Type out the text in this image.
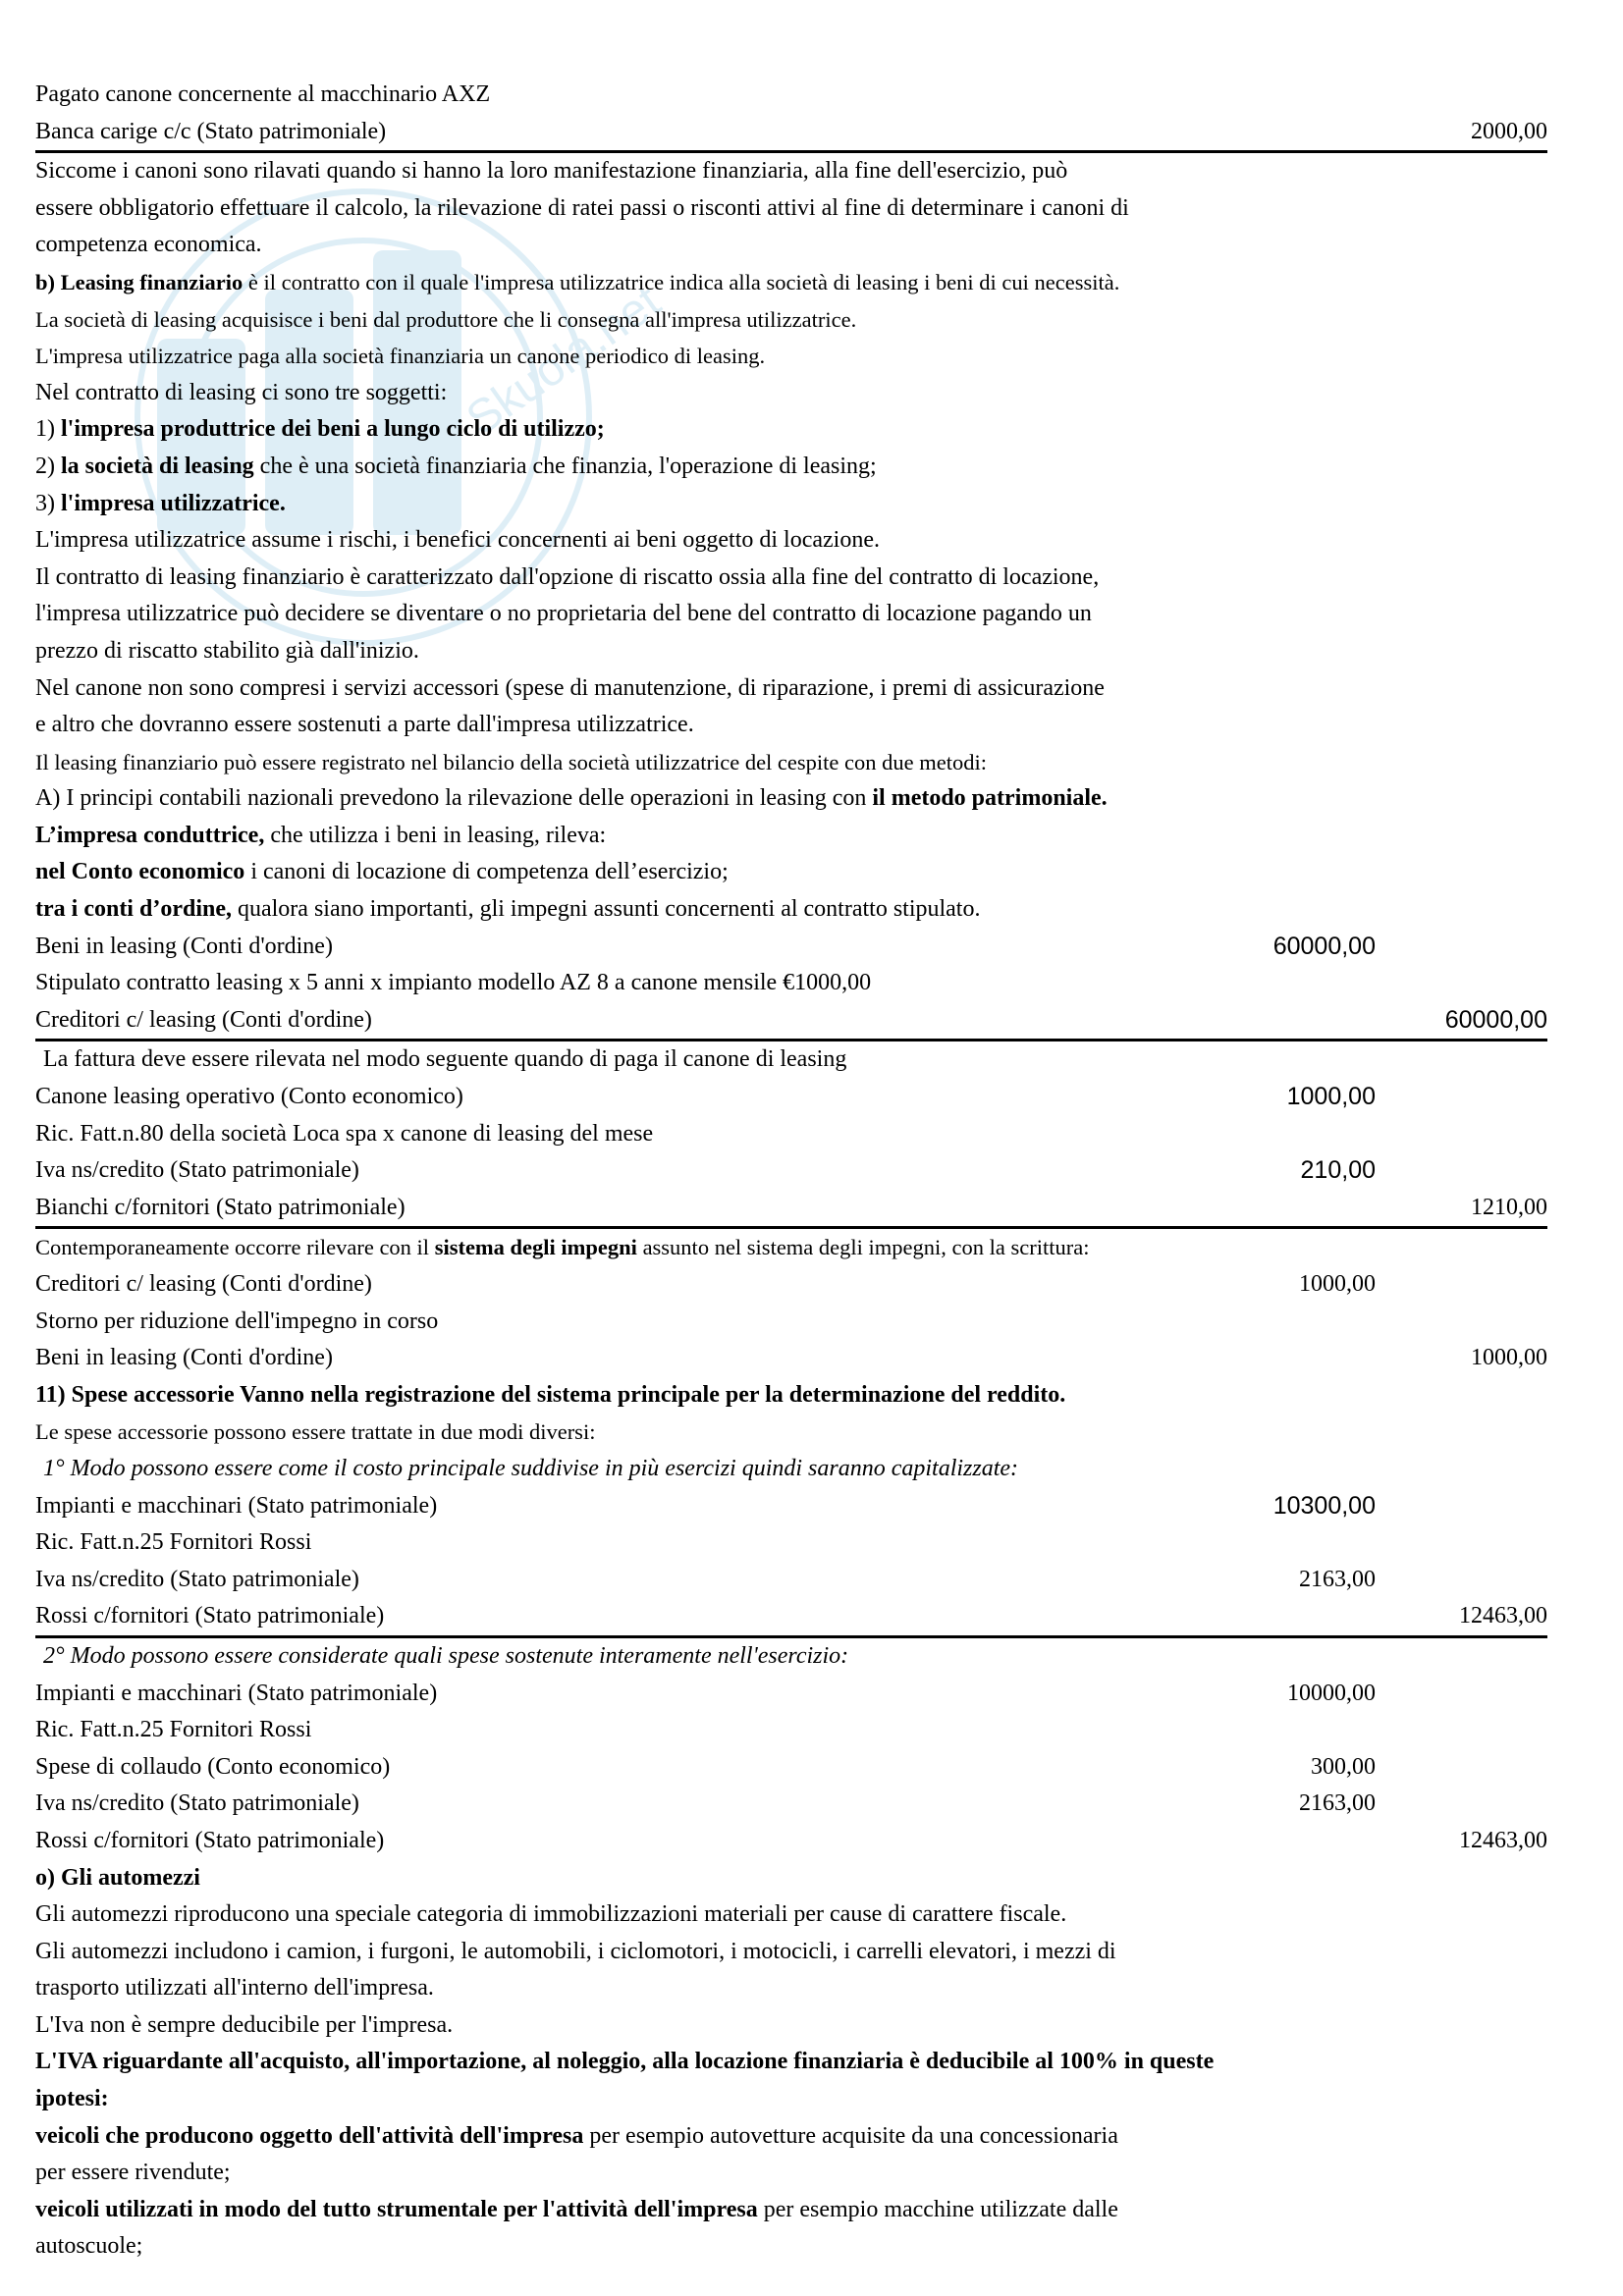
Skuola.net
Pagato canone concernente al macchinario AXZ
Banca carige c/c (Stato patrimoniale)	2000,00
Siccome i canoni sono rilavati quando si hanno la loro manifestazione finanziaria, alla fine dell'esercizio, può
essere obbligatorio effettuare il calcolo, la rilevazione di ratei passi o risconti attivi al fine di determinare i canoni di
competenza economica.
b) Leasing finanziario è il contratto con il quale l'impresa utilizzatrice indica alla società di leasing i beni di cui necessità.
La società di leasing acquisisce i beni dal produttore che li consegna all'impresa utilizzatrice.
L'impresa utilizzatrice paga alla società finanziaria un canone periodico di leasing.
Nel contratto di leasing ci sono tre soggetti:
1) l'impresa produttrice dei beni a lungo ciclo di utilizzo;
2) la società di leasing che è una società finanziaria che finanzia, l'operazione di leasing;
3) l'impresa utilizzatrice.
L'impresa utilizzatrice assume i rischi, i benefici concernenti ai beni oggetto di locazione.
Il contratto di leasing finanziario è caratterizzato dall'opzione di riscatto ossia alla fine del contratto di locazione,
l'impresa utilizzatrice può decidere se diventare o no proprietaria del bene del contratto di locazione pagando un
prezzo di riscatto stabilito già dall'inizio.
Nel canone non sono compresi i servizi accessori (spese di manutenzione, di riparazione, i premi di assicurazione
e altro che dovranno essere sostenuti a parte dall'impresa utilizzatrice.
Il leasing finanziario può essere registrato nel bilancio della società utilizzatrice del cespite con due metodi:
A) I principi contabili nazionali prevedono la rilevazione delle operazioni in leasing con il metodo patrimoniale.
L’impresa conduttrice, che utilizza i beni in leasing, rileva:
nel Conto economico i canoni di locazione di competenza dell’esercizio;
tra i conti d’ordine, qualora siano importanti, gli impegni assunti concernenti al contratto stipulato.
Beni in leasing (Conti d'ordine)	60000,00
Stipulato contratto leasing x 5 anni x impianto modello AZ 8 a canone mensile €1000,00
Creditori c/ leasing (Conti d'ordine)	60000,00
La fattura deve essere rilevata nel modo seguente quando di paga il canone di leasing
Canone leasing operativo (Conto economico)	1000,00
Ric. Fatt.n.80 della società Loca spa x canone di leasing del mese
Iva ns/credito (Stato patrimoniale)	210,00
Bianchi c/fornitori (Stato patrimoniale)	1210,00
Contemporaneamente occorre rilevare con il sistema degli impegni assunto nel sistema degli impegni, con la scrittura:
Creditori c/ leasing (Conti d'ordine)	1000,00
Storno per riduzione dell'impegno in corso
Beni in leasing (Conti d'ordine)	1000,00
11) Spese accessorie Vanno nella registrazione del sistema principale per la determinazione del reddito.
Le spese accessorie possono essere trattate in due modi diversi:
1° Modo possono essere come il costo principale suddivise in più esercizi quindi saranno capitalizzate:
Impianti e macchinari (Stato patrimoniale)	10300,00
Ric. Fatt.n.25 Fornitori Rossi
Iva ns/credito (Stato patrimoniale)	2163,00
Rossi c/fornitori (Stato patrimoniale)	12463,00
2° Modo possono essere considerate quali spese sostenute interamente nell'esercizio:
Impianti e macchinari (Stato patrimoniale)	10000,00
Ric. Fatt.n.25 Fornitori Rossi
Spese di collaudo (Conto economico)	300,00
Iva ns/credito (Stato patrimoniale)	2163,00
Rossi c/fornitori (Stato patrimoniale)	12463,00
o) Gli automezzi
Gli automezzi riproducono una speciale categoria di immobilizzazioni materiali per cause di carattere fiscale.
Gli automezzi includono i camion, i furgoni, le automobili, i ciclomotori, i motocicli, i carrelli elevatori, i mezzi di
trasporto utilizzati all'interno dell'impresa.
L'Iva non è sempre deducibile per l'impresa.
L'IVA riguardante all'acquisto, all'importazione, al noleggio, alla locazione finanziaria è deducibile al 100% in queste
ipotesi:
veicoli che producono oggetto dell'attività dell'impresa per esempio autovetture acquisite da una concessionaria
per essere rivendute;
veicoli utilizzati in modo del tutto strumentale per l'attività dell'impresa per esempio macchine utilizzate dalle
autoscuole;
